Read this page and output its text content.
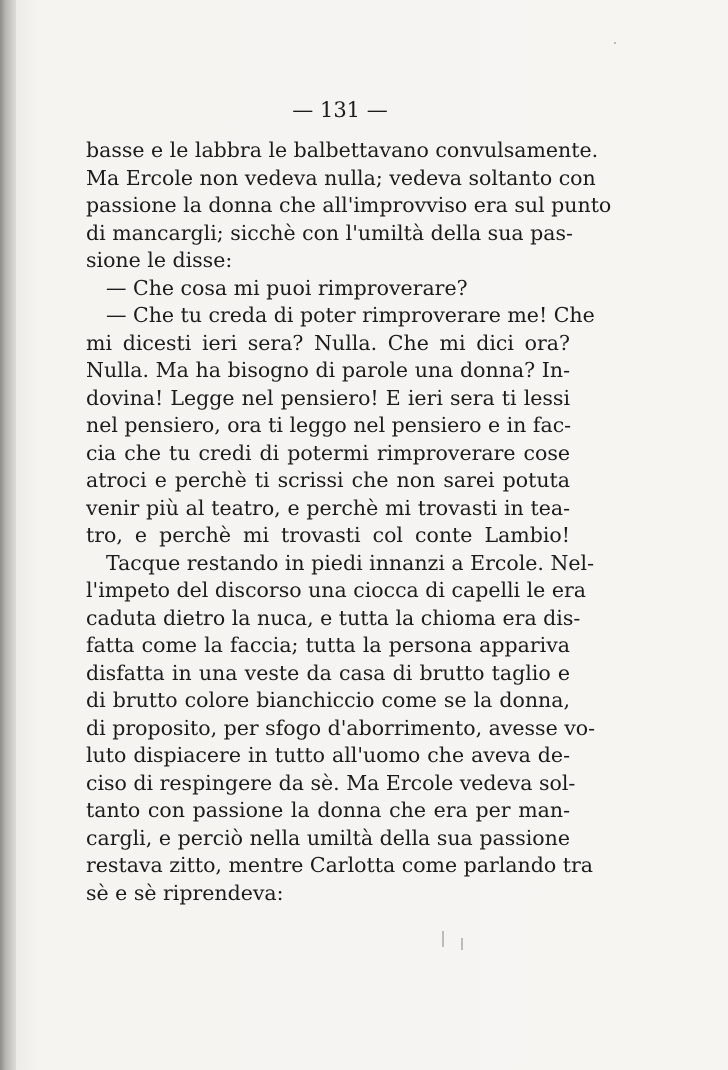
— 131 —
basse e le labbra le balbettavano convulsamente.
Ma Ercole non vedeva nulla; vedeva soltanto con
passione la donna che all'improvviso era sul punto
di mancargli; sicchè con l'umiltà della sua pas-
sione le disse:
— Che cosa mi puoi rimproverare?
— Che tu creda di poter rimproverare me! Che
mi dicesti ieri sera? Nulla. Che mi dici ora?
Nulla. Ma ha bisogno di parole una donna? In-
dovina! Legge nel pensiero! E ieri sera ti lessi
nel pensiero, ora ti leggo nel pensiero e in fac-
cia che tu credi di potermi rimproverare cose
atroci e perchè ti scrissi che non sarei potuta
venir più al teatro, e perchè mi trovasti in tea-
tro, e perchè mi trovasti col conte Lambio!
Tacque restando in piedi innanzi a Ercole. Nel-
l'impeto del discorso una ciocca di capelli le era
caduta dietro la nuca, e tutta la chioma era dis-
fatta come la faccia; tutta la persona appariva
disfatta in una veste da casa di brutto taglio e
di brutto colore bianchiccio come se la donna,
di proposito, per sfogo d'aborrimento, avesse vo-
luto dispiacere in tutto all'uomo che aveva de-
ciso di respingere da sè. Ma Ercole vedeva sol-
tanto con passione la donna che era per man-
cargli, e perciò nella umiltà della sua passione
restava zitto, mentre Carlotta come parlando tra
sè e sè riprendeva:
